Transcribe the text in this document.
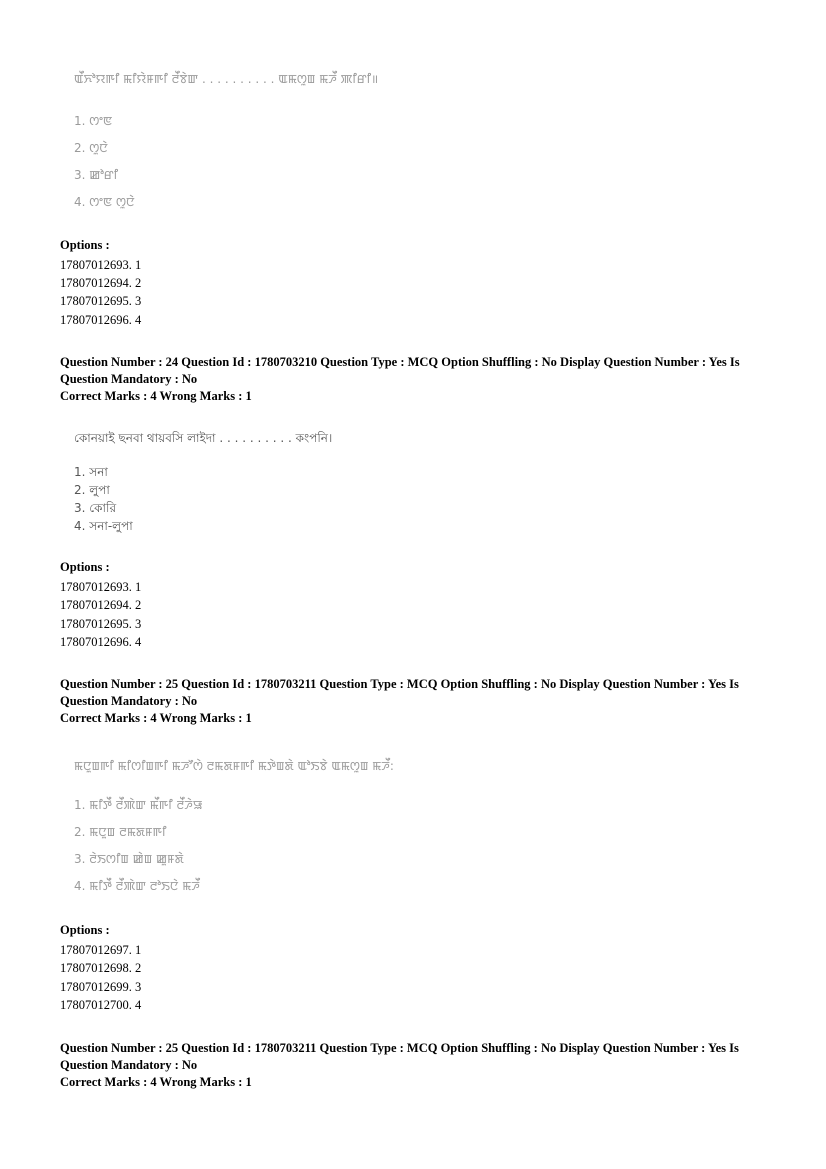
ꯑꯩꯈꯣꯌꯒꯤ ꯃꯤꯌꯥꯝꯒꯤ ꯂꯩꯕꯥꯛ . . . . . . . . . . ꯑꯃꯁꯨꯡ ꯃꯍꯩ ꯄꯤꯔꯤ॥

1. ꯁꯦꯟ

2. ꯁꯨꯅꯥ

3. ꯀꯣꯔꯤ

4. ꯁꯦꯟ ꯁꯨꯅꯥ

Options :
17807012693. 1
17807012694. 2
17807012695. 3
17807012696. 4
Question Number : 24 Question Id : 1780703210 Question Type : MCQ Option Shuffling : No Display Question Number : Yes Is
Question Mandatory : No
Correct Marks : 4 Wrong Marks : 1

কোনয়াই ছনবা থায়বসি লাইদা . . . . . . . . . . কংপনি।

1. সনা

2. লুপা

3. কোরি

4. সনা-লুপা

Options :
17807012693. 1
17807012694. 2
17807012695. 3
17807012696. 4
Question Number : 25 Question Id : 1780703211 Question Type : MCQ Option Shuffling : No Display Question Number : Yes Is
Question Mandatory : No
Correct Marks : 4 Wrong Marks : 1

ꯃꯅꯨꯡꯒꯤ ꯃꯤꯁꯤꯡꯒꯤ ꯃꯍꯧꯁꯥ ꯂꯃꯗꯝꯒꯤ ꯃꯇꯥꯡꯗꯥ ꯑꯣꯏꯕꯥ ꯑꯃꯁꯨꯡ ꯃꯍꯩ:

1. ꯃꯤꯇꯩ ꯂꯩꯄꯥꯛ ꯃꯩꯒꯤ ꯂꯩꯍꯥꯎ

2. ꯃꯅꯨꯡ ꯂꯃꯗꯝꯒꯤ

3. ꯂꯥꯏꯁꯤꯡ ꯀꯥꯡ ꯀꯨꯝꯗꯥ

4. ꯃꯤꯇꯩ ꯂꯩꯄꯥꯛ ꯂꯣꯏꯅꯥ ꯃꯍꯩ

Options :
17807012697. 1
17807012698. 2
17807012699. 3
17807012700. 4
Question Number : 25 Question Id : 1780703211 Question Type : MCQ Option Shuffling : No Display Question Number : Yes Is
Question Mandatory : No
Correct Marks : 4 Wrong Marks : 1
